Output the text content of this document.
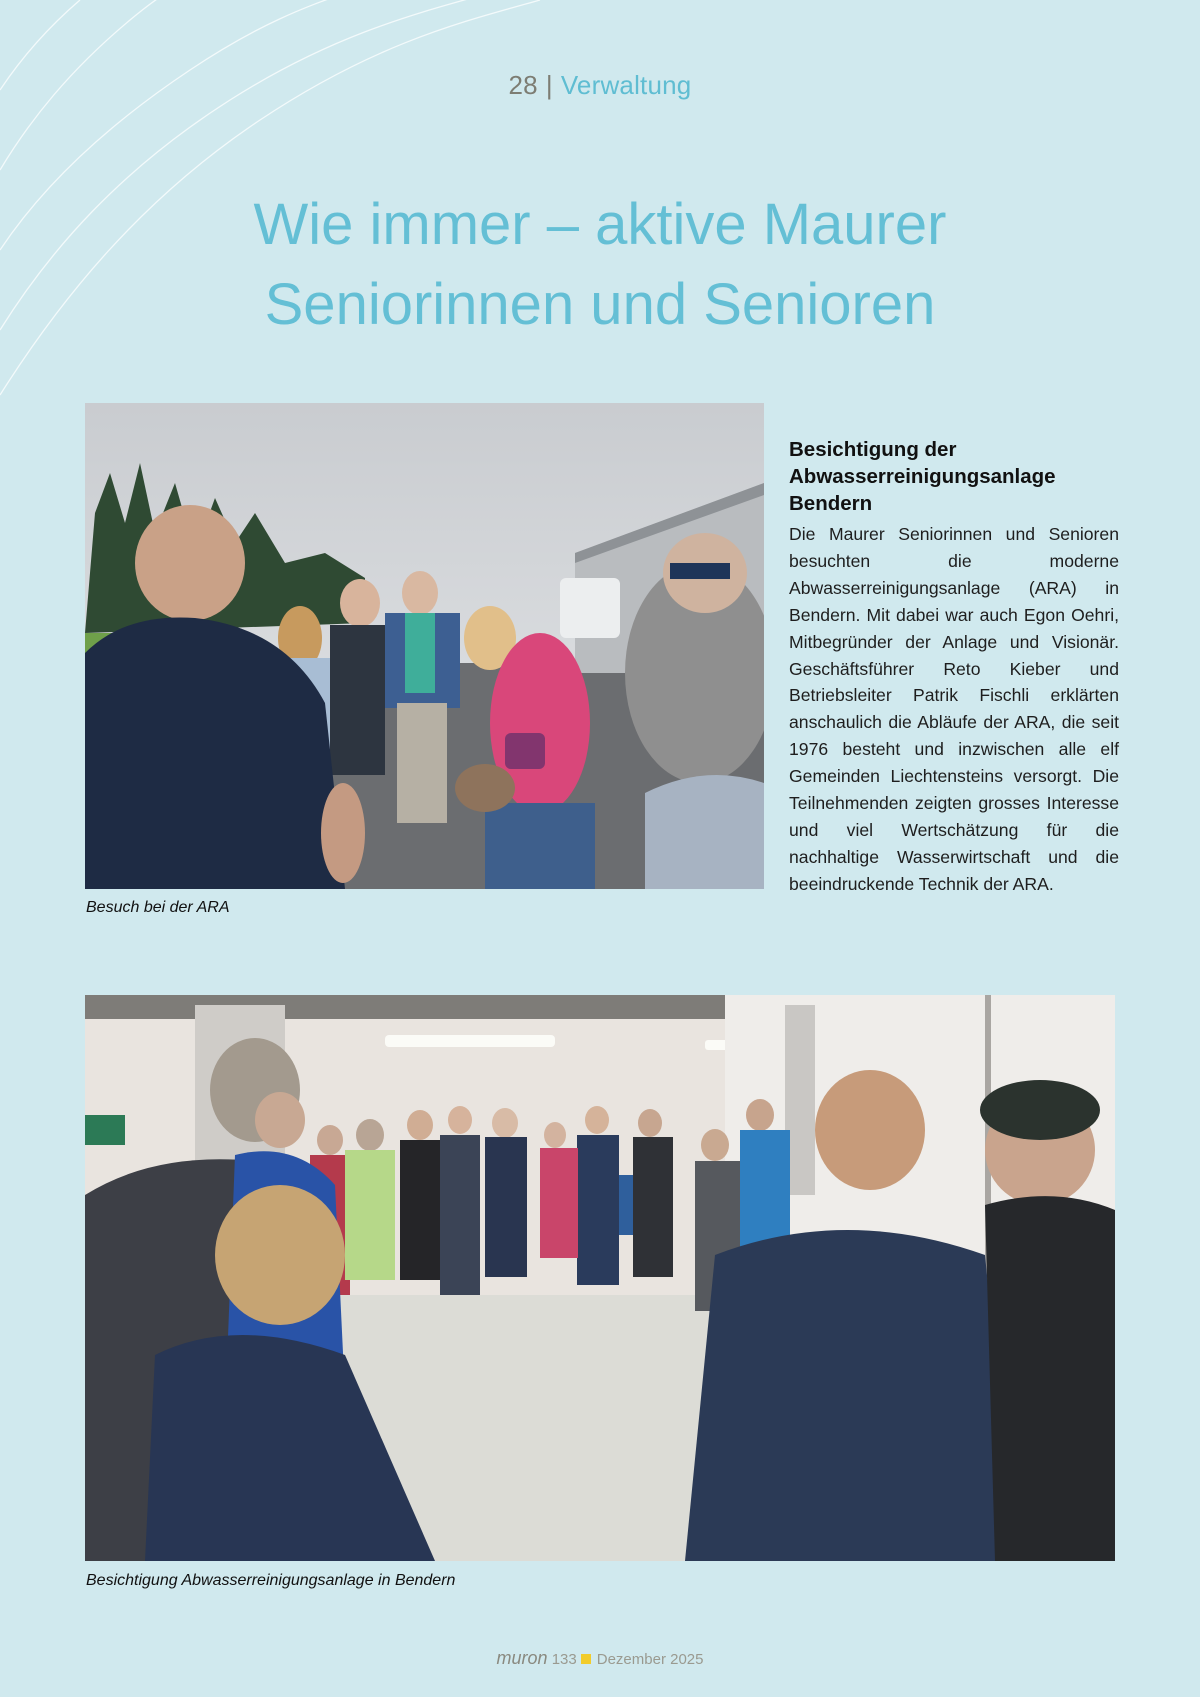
28 | Verwaltung
Wie immer – aktive Maurer
Seniorinnen und Senioren
Besuch bei der ARA
Besichtigung der Abwasserreinigungsanlage Bendern

Die Maurer Seniorinnen und Senioren besuchten die moderne Abwasserreinigungsanlage (ARA) in Bendern. Mit dabei war auch Egon Oehri, Mitbegründer der Anlage und Visionär. Geschäftsführer Reto Kieber und Betriebsleiter Patrik Fischli erklärten anschaulich die Abläufe der ARA, die seit 1976 besteht und inzwischen alle elf Gemeinden Liechtensteins versorgt. Die Teilnehmenden zeigten grosses Interesse und viel Wertschätzung für die nachhaltige Wasserwirtschaft und die beeindruckende Technik der ARA.

Besichtigung Abwasserreinigungsanlage in Bendern
muron 133 Dezember 2025
